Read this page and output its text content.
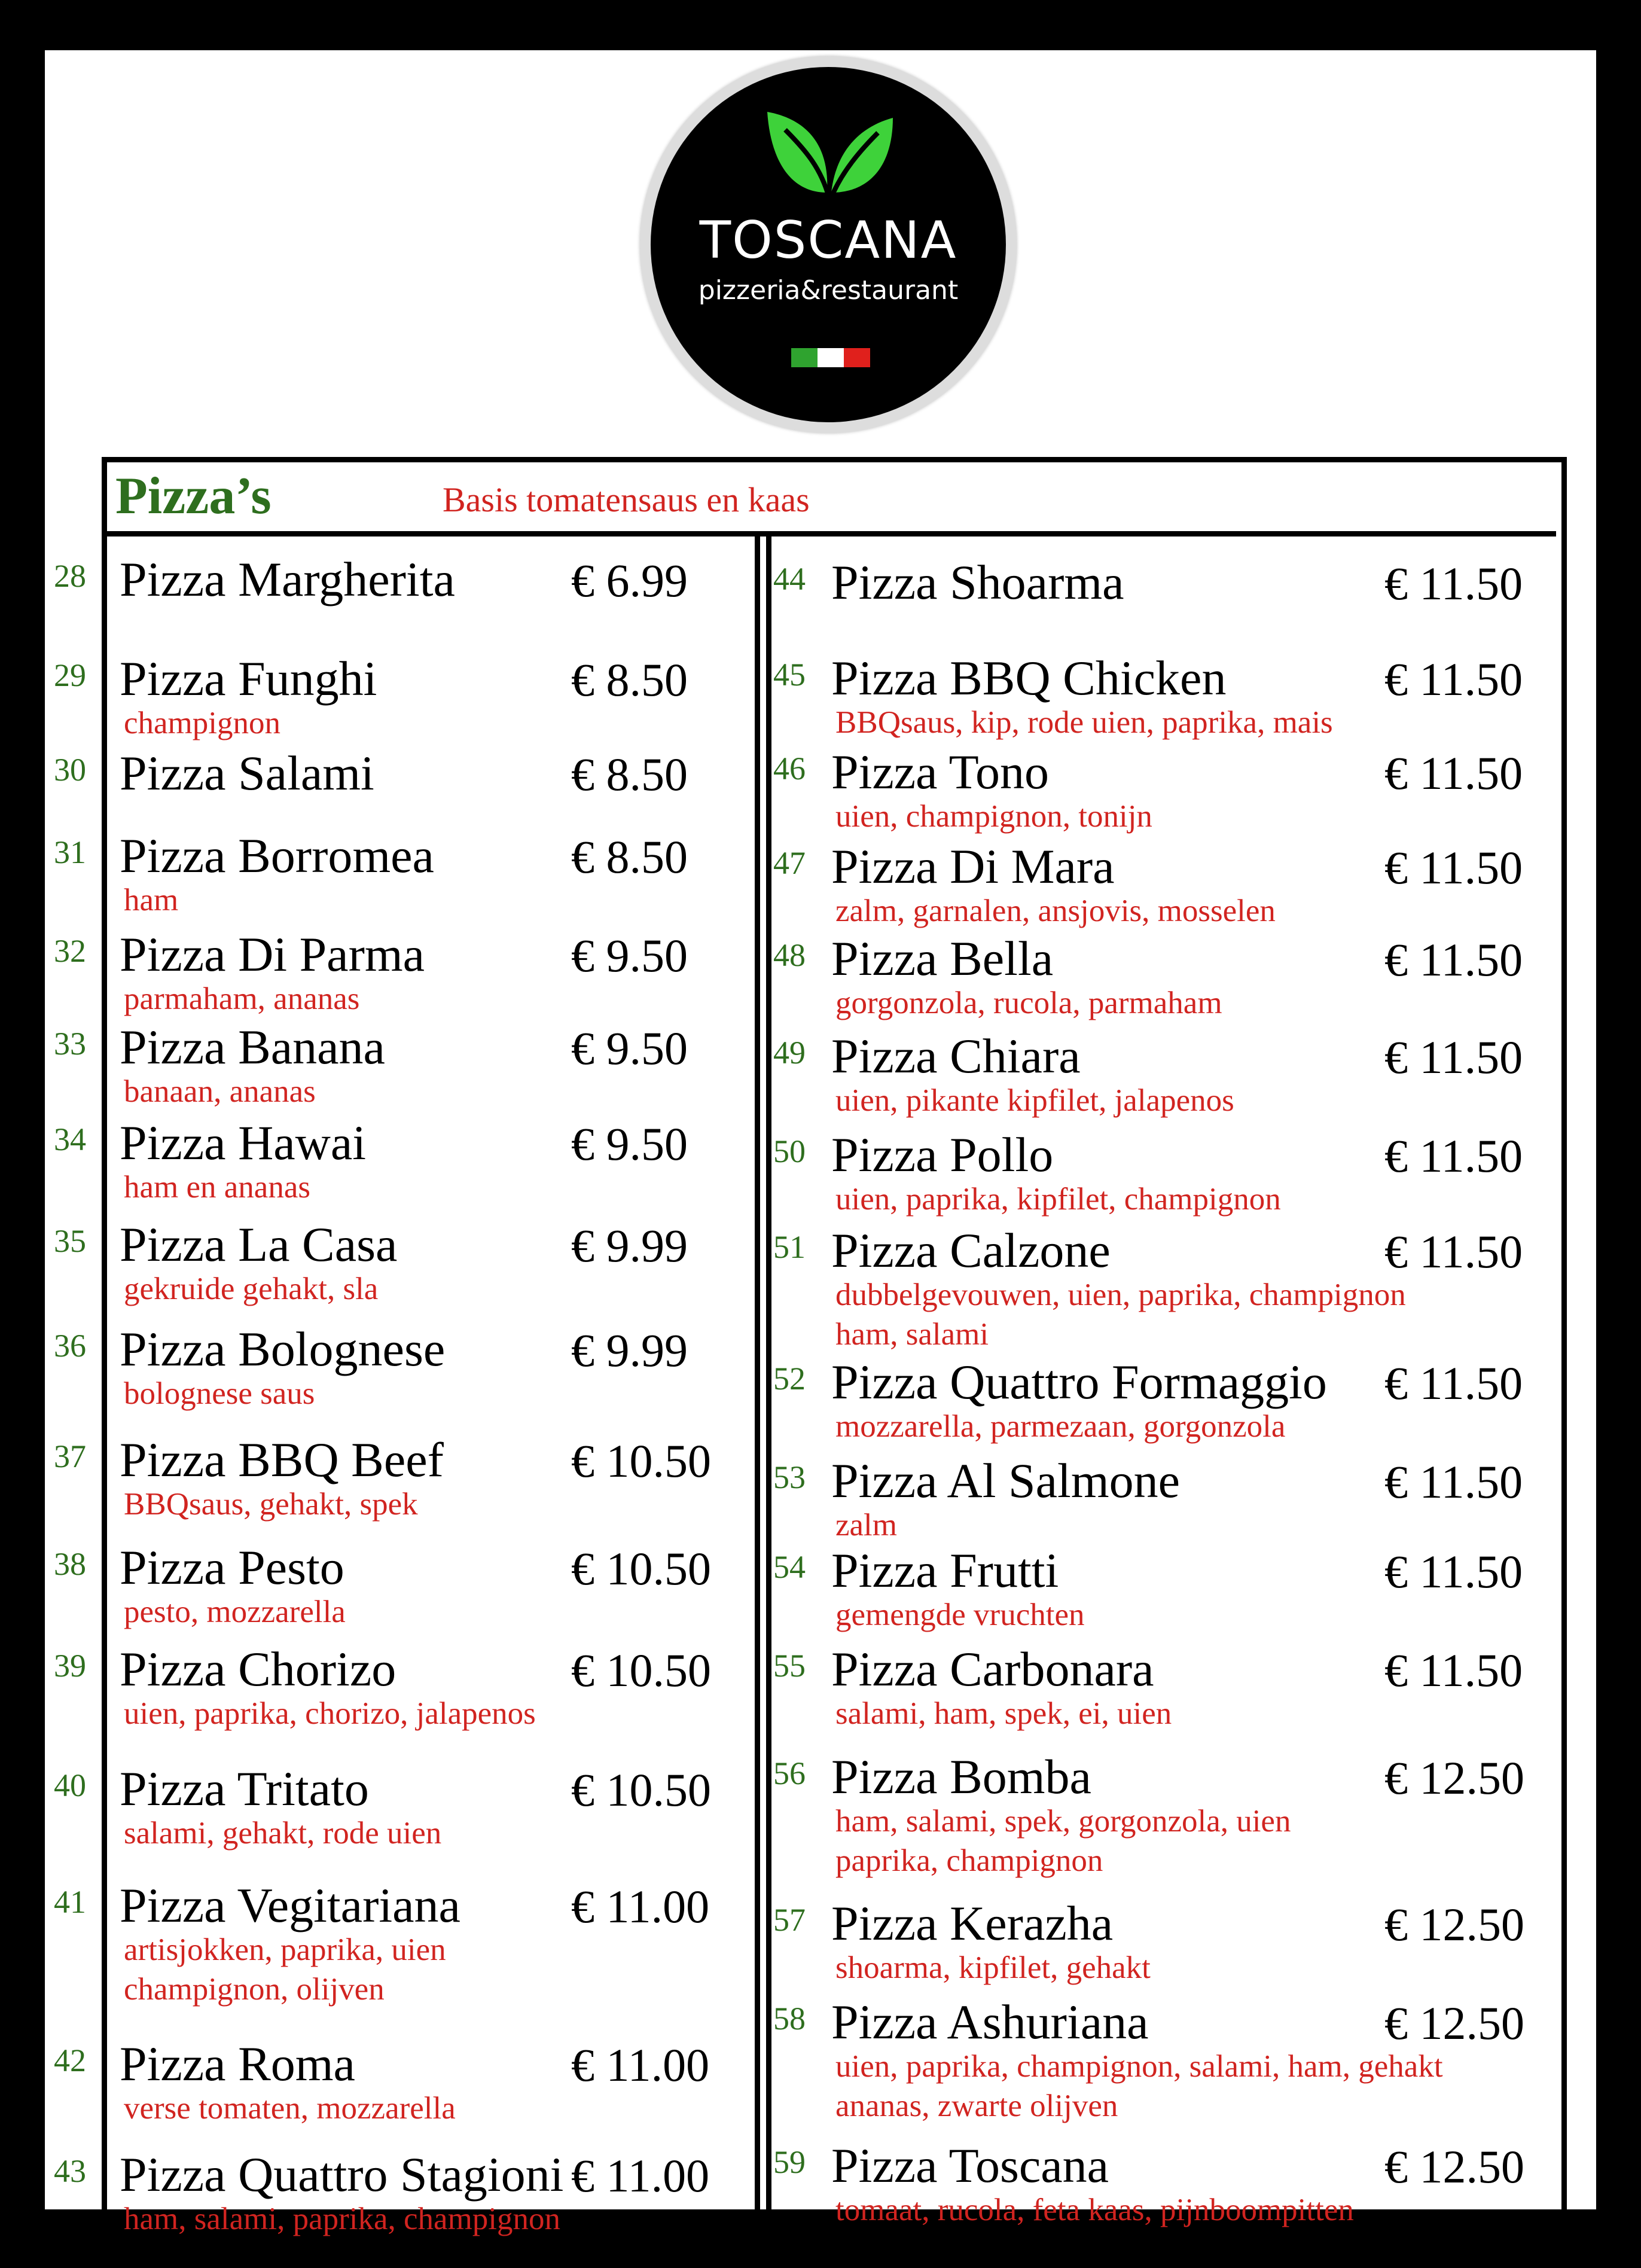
TOSCANA
pizzeria&restaurant
Pizza’s	Basis tomatensaus en kaas
28 Pizza Margherita € 6.99
29 Pizza Funghi	€ 8.50
champignon
30 Pizza Salami	€ 8.50
31 Pizza Borromea	€ 8.50
ham
32 Pizza Di Parma	€ 9.50
parmaham, ananas
33 Pizza Banana	€ 9.50
banaan, ananas
34 Pizza Hawai	€ 9.50
ham en ananas
35 Pizza La Casa	€ 9.99
gekruide gehakt, sla
36 Pizza Bolognese	€ 9.99
bolognese saus
37 Pizza BBQ Beef	€ 10.50
BBQsaus, gehakt, spek
38 Pizza Pesto	€ 10.50
pesto, mozzarella
39 Pizza Chorizo	€ 10.50
uien, paprika, chorizo, jalapenos
40 Pizza Tritato	€ 10.50
salami, gehakt, rode uien
41 Pizza Vegitariana € 11.00
artisjokken, paprika, uien
champignon, olijven
42 Pizza Roma	€ 11.00
verse tomaten, mozzarella
43 Pizza Quattro Stagioni € 11.00
ham, salami, paprika, champignon
44 Pizza Shoarma	€ 11.50
45 Pizza BBQ Chicken	€ 11.50
BBQsaus, kip, rode uien, paprika, mais
46 Pizza Tono	€ 11.50
uien, champignon, tonijn
47 Pizza Di Mara	€ 11.50
zalm, garnalen, ansjovis, mosselen
48 Pizza Bella	€ 11.50
gorgonzola, rucola, parmaham
49 Pizza Chiara	€ 11.50
uien, pikante kipfilet, jalapenos
50 Pizza Pollo	€ 11.50
uien, paprika, kipfilet, champignon
51 Pizza Calzone	€ 11.50
dubbelgevouwen, uien, paprika, champignon
ham, salami
52 Pizza Quattro Formaggio € 11.50
mozzarella, parmezaan, gorgonzola
53 Pizza Al Salmone	€ 11.50
zalm
54 Pizza Frutti	€ 11.50
gemengde vruchten
55 Pizza Carbonara	€ 11.50
salami, ham, spek, ei, uien
56 Pizza Bomba	€ 12.50
ham, salami, spek, gorgonzola, uien
paprika, champignon
57 Pizza Kerazha	€ 12.50
shoarma, kipfilet, gehakt
58 Pizza Ashuriana	€ 12.50
uien, paprika, champignon, salami, ham, gehakt
ananas, zwarte olijven
59 Pizza Toscana	€ 12.50
tomaat, rucola, feta kaas, pijnboompitten
